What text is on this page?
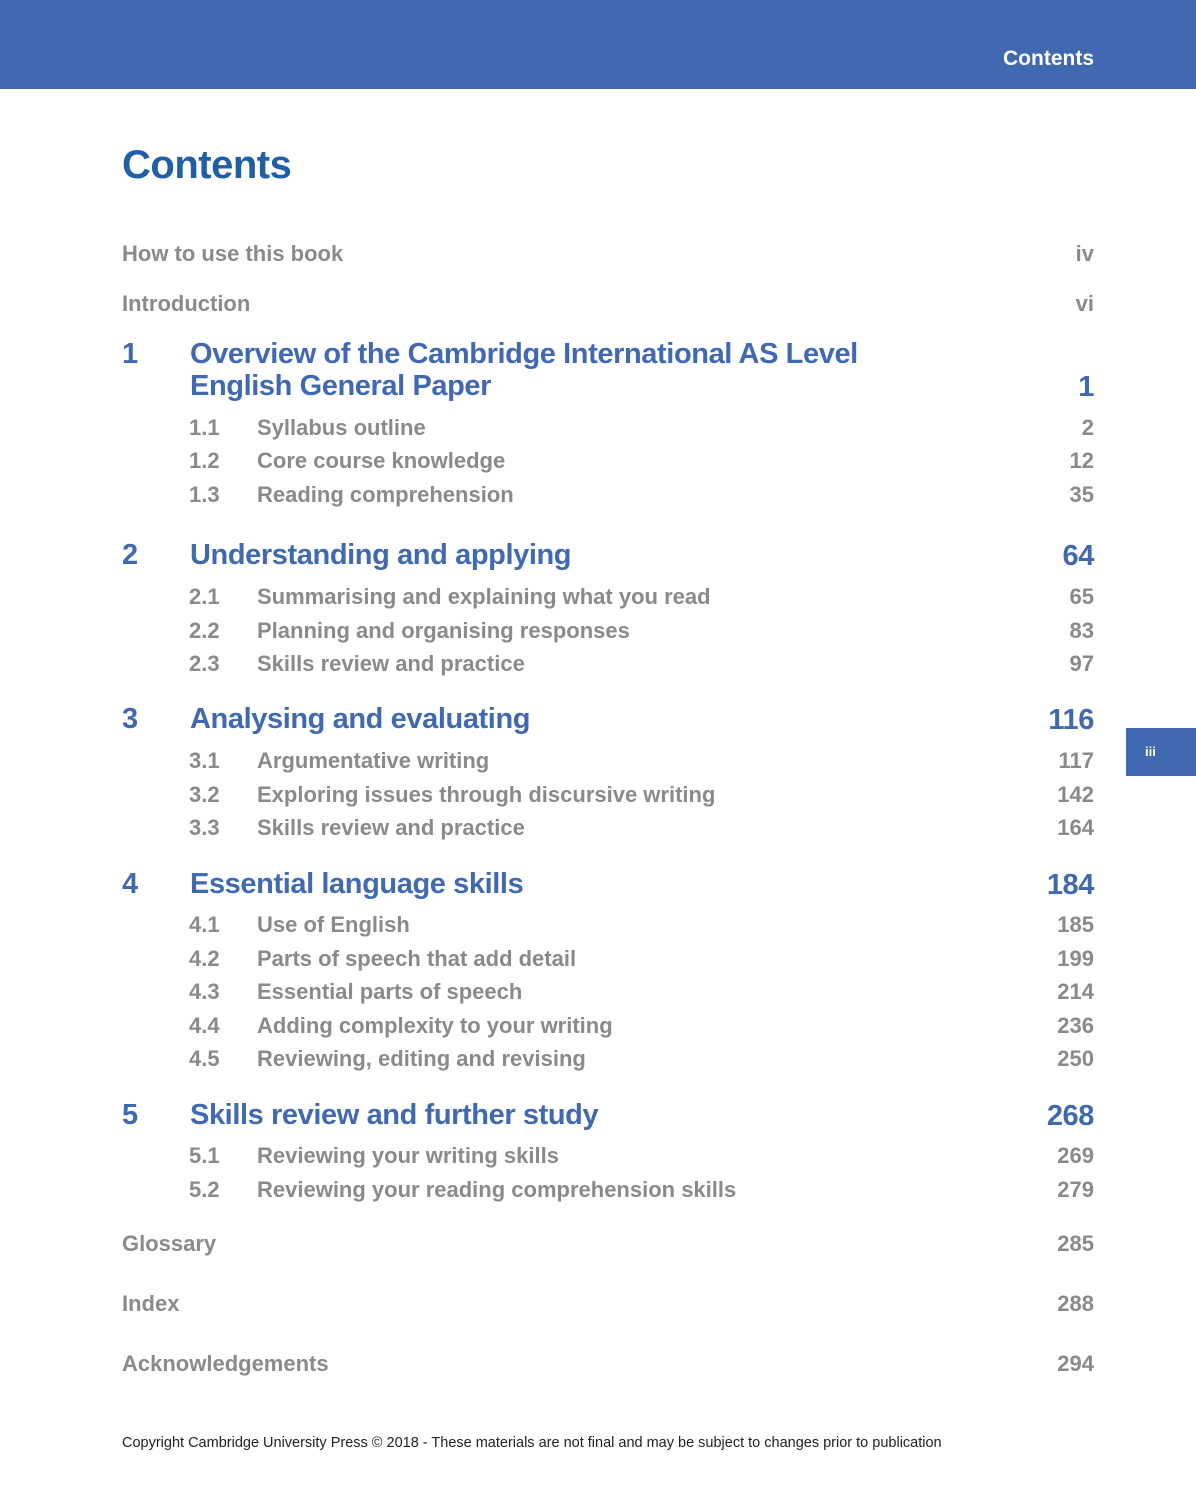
Contents
Contents
How to use this book	iv
Introduction	vi
1 Overview of the Cambridge International AS Level English General Paper	1
1.1 Syllabus outline	2
1.2 Core course knowledge	12
1.3 Reading comprehension	35
2 Understanding and applying	64
2.1 Summarising and explaining what you read	65
2.2 Planning and organising responses	83
2.3 Skills review and practice	97
3 Analysing and evaluating	116
3.1 Argumentative writing	117
3.2 Exploring issues through discursive writing	142
3.3 Skills review and practice	164
4 Essential language skills	184
4.1 Use of English	185
4.2 Parts of speech that add detail	199
4.3 Essential parts of speech	214
4.4 Adding complexity to your writing	236
4.5 Reviewing, editing and revising	250
5 Skills review and further study	268
5.1 Reviewing your writing skills	269
5.2 Reviewing your reading comprehension skills	279
Glossary	285
Index	288
Acknowledgements	294
iii
Copyright Cambridge University Press © 2018 - These materials are not final and may be subject to changes prior to publication
